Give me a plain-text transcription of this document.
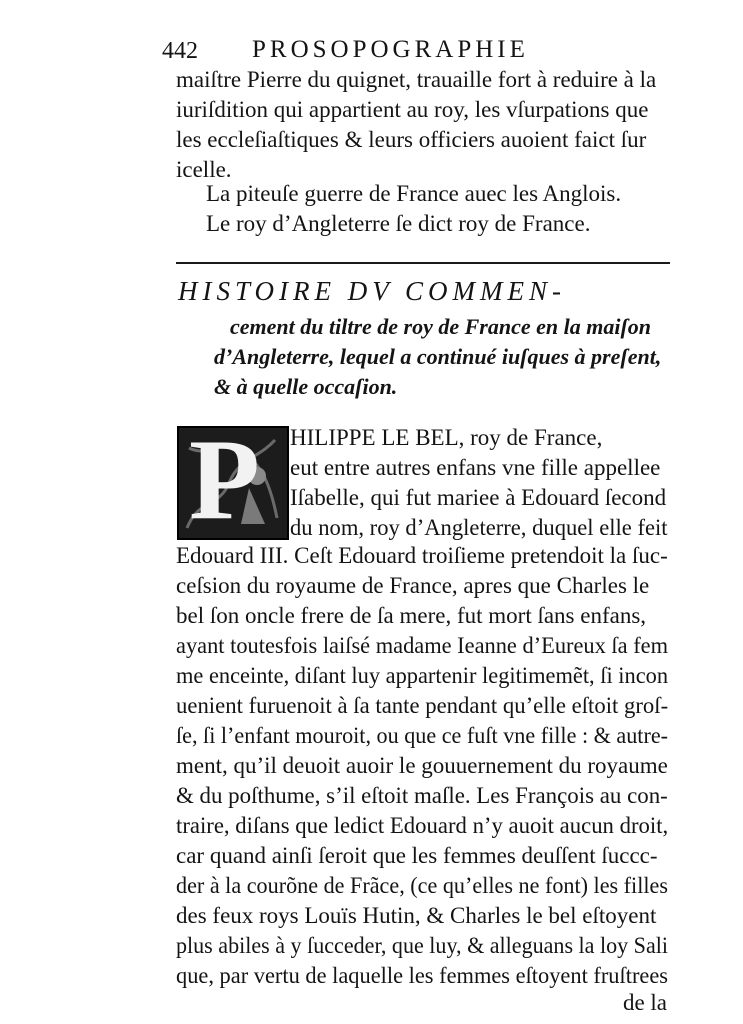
442 PROSOPOGRAPHIE
maiſtre Pierre du quignet, trauaille fort à reduire à la
iuriſdition qui appartient au roy, les vſurpations que
les eccleſiaſtiques & leurs officiers auoient faict ſur
icelle.
La piteuſe guerre de France auec les Anglois.
Le roy d’Angleterre ſe dict roy de France.
HISTOIRE DV COMMEN-
cement du tiltre de roy de France en la maiſon
d’Angleterre, lequel a continué iuſques à preſent,
& à quelle occaſion.
P HILIPPE LE BEL, roy de France,
eut entre autres enfans vne fille appellee
Iſabelle, qui fut mariee à Edouard ſecond
du nom, roy d’Angleterre, duquel elle feit
Edouard III. Ceſt Edouard troiſieme pretendoit la ſuc-
ceſsion du royaume de France, apres que Charles le
bel ſon oncle frere de ſa mere, fut mort ſans enfans,
ayant toutesfois laiſsé madame Ieanne d’Eureux ſa fem
me enceinte, diſant luy appartenir legitimemẽt, ſi incon
uenient furuenoit à ſa tante pendant qu’elle eſtoit groſ-
ſe, ſi l’enfant mouroit, ou que ce fuſt vne fille : & autre-
ment, qu’il deuoit auoir le gouuernement du royaume
& du poſthume, s’il eſtoit maſle. Les François au con-
traire, diſans que ledict Edouard n’y auoit aucun droit,
car quand ainſi ſeroit que les femmes deuſſent ſuccc-
der à la courõne de Frãce, (ce qu’elles ne font) les filles
des feux roys Louïs Hutin, & Charles le bel eſtoyent
plus abiles à y ſucceder, que luy, & alleguans la loy Sali
que, par vertu de laquelle les femmes eſtoyent fruſtrees
de la
